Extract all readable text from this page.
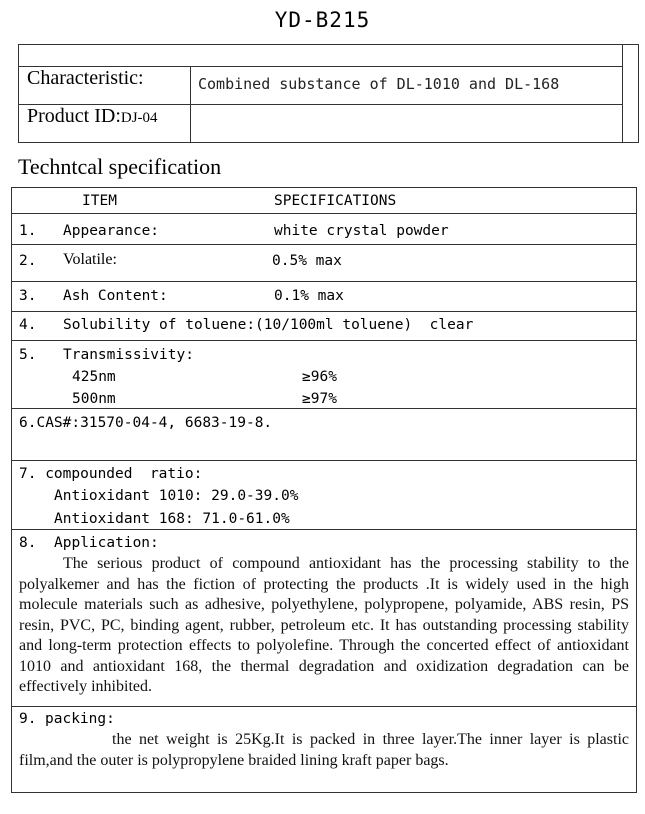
YD-B215
Characteristic:	Combined substance of DL-1010 and DL-168
Product ID:DJ-04
Techntcal specification
ITEM	SPECIFICATIONS
1. Appearance:	white crystal powder
2. Volatile:	0.5% max
3. Ash Content:	0.1% max
4. Solubility of toluene:(10/100ml toluene)  clear
5. Transmissivity:
425nm	≥96%
500nm	≥97%
6.CAS#:31570-04-4, 6683-19-8.
7. compounded  ratio:
Antioxidant 1010: 29.0-39.0%
Antioxidant 168: 71.0-61.0%
8. Application:
The serious product of compound antioxidant has the processing stability to the polyalkemer and has the fiction of protecting the products .It is widely used in the high molecule materials such as adhesive, polyethylene, polypropene, polyamide, ABS resin, PS resin, PVC, PC, binding agent, rubber, petroleum etc. It has outstanding processing stability and long-term protection effects to polyolefine. Through the concerted effect of antioxidant 1010 and antioxidant 168, the thermal degradation and oxidization degradation can be effectively inhibited.
9. packing:
the net weight is 25Kg.It is packed in three layer.The inner layer is plastic film,and the outer is polypropylene braided lining kraft paper bags.
